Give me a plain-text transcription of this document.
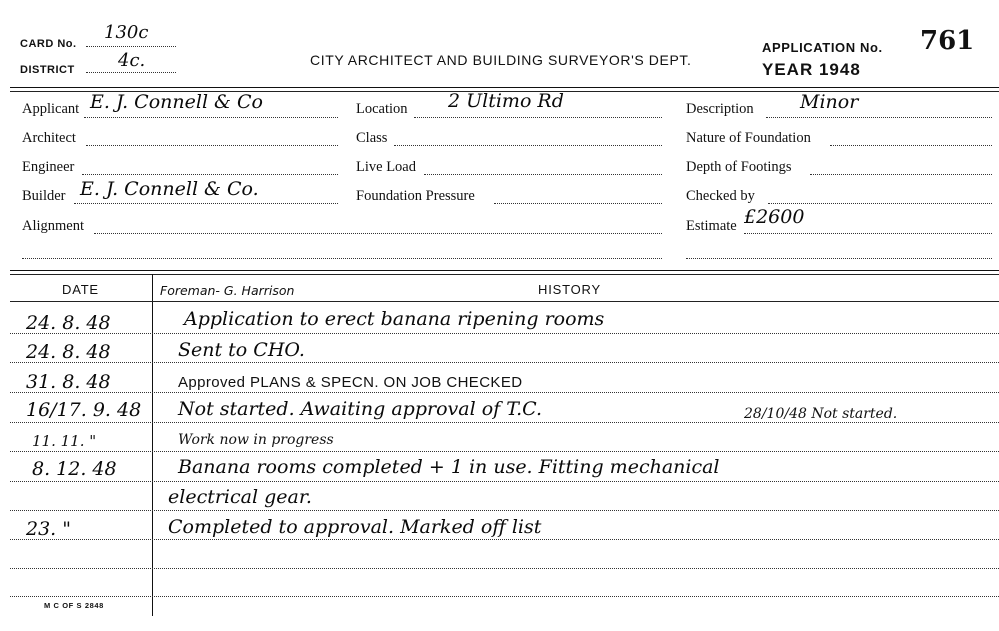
CARD No.
130c
DISTRICT 4c.	CITY ARCHITECT AND BUILDING SURVEYOR'S DEPT.
APPLICATION No. 761
YEAR 1948
Applicant E. J. Connell & Co
Architect
Engineer
Builder E. J. Connell & Co.
Alignment
Location 2 Ultimo Rd
Class
Live Load
Foundation Pressure
Description Minor
Nature of Foundation
Depth of Footings
Checked by
Estimate £2600
DATE	Foreman- G. Harrison	HISTORY
24. 8. 48	Application to erect banana ripening rooms
24. 8. 48	Sent to CHO.
31. 8. 48	Approved PLANS & SPECN. ON JOB CHECKED
16/17. 9. 48 Not started. Awaiting approval of T.C.	28/10/48 Not started.
11. 11. "	Work now in progress
8. 12. 48	Banana rooms completed + 1 in use. Fitting mechanical
electrical gear.
23. "	Completed to approval. Marked off list
M C OF S 2848
